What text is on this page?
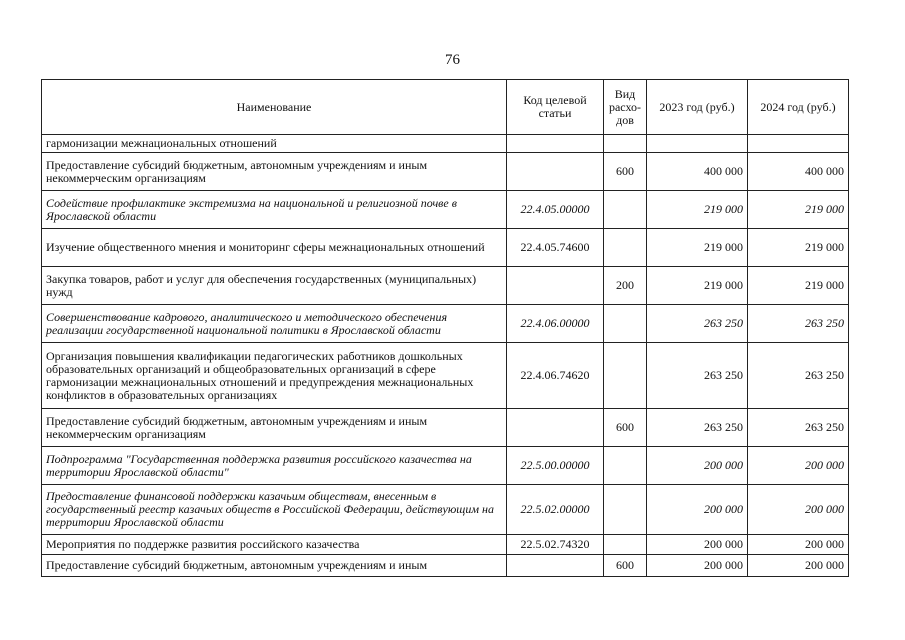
76
Наименование	Код целевой статьи	Вид расхо-дов	2023 год (руб.)	2024 год (руб.)
гармонизации межнациональных отношений				
Предоставление субсидий бюджетным, автономным учреждениям и иным некоммерческим организациям		600	400 000	400 000
Содействие профилактике экстремизма на национальной и религиозной почве в Ярославской области	22.4.05.00000		219 000	219 000
Изучение общественного мнения и мониторинг сферы межнациональных отношений	22.4.05.74600		219 000	219 000
Закупка товаров, работ и услуг для обеспечения государственных (муниципальных) нужд		200	219 000	219 000
Совершенствование кадрового, аналитического и методического обеспечения реализации государственной национальной политики в Ярославской области	22.4.06.00000		263 250	263 250
Организация повышения квалификации педагогических работников дошкольных образовательных организаций и общеобразовательных организаций в сфере гармонизации межнациональных отношений и предупреждения межнациональных конфликтов в образовательных организациях	22.4.06.74620		263 250	263 250
Предоставление субсидий бюджетным, автономным учреждениям и иным некоммерческим организациям		600	263 250	263 250
Подпрограмма "Государственная поддержка развития российского казачества на территории Ярославской области"	22.5.00.00000		200 000	200 000
Предоставление финансовой поддержки казачьим обществам, внесенным в государственный реестр казачьих обществ в Российской Федерации, действующим на территории Ярославской области	22.5.02.00000		200 000	200 000
Мероприятия по поддержке развития российского казачества	22.5.02.74320		200 000	200 000
Предоставление субсидий бюджетным, автономным учреждениям и иным		600	200 000	200 000
